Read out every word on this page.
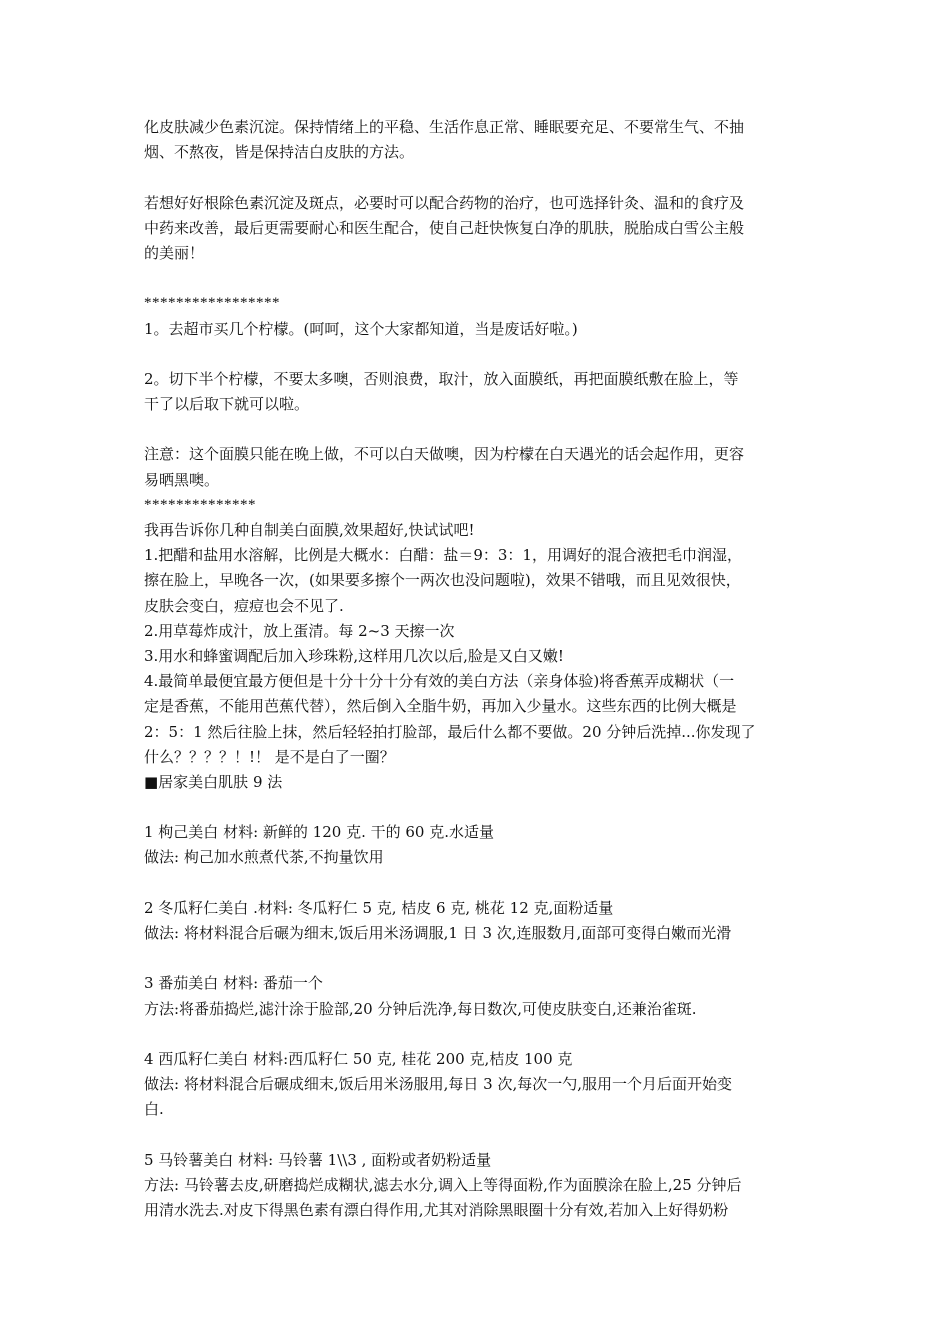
化皮肤减少色素沉淀。保持情绪上的平稳、生活作息正常、睡眠要充足、不要常生气、不抽
烟、不熬夜，皆是保持洁白皮肤的方法。
若想好好根除色素沉淀及斑点，必要时可以配合药物的治疗，也可选择针灸、温和的食疗及
中药来改善，最后更需要耐心和医生配合，使自己赶快恢复白净的肌肤，脱胎成白雪公主般
的美丽！
*****************
1。去超市买几个柠檬。(呵呵，这个大家都知道，当是废话好啦。)
2。切下半个柠檬，不要太多噢，否则浪费，取汁，放入面膜纸，再把面膜纸敷在脸上，等
干了以后取下就可以啦。
注意：这个面膜只能在晚上做，不可以白天做噢，因为柠檬在白天遇光的话会起作用，更容
易晒黑噢。
**************
我再告诉你几种自制美白面膜,效果超好,快试试吧!
1.把醋和盐用水溶解，比例是大概水：白醋：盐＝9：3：1，用调好的混合液把毛巾润湿，
擦在脸上，早晚各一次，(如果要多擦个一两次也没问题啦)，效果不错哦，而且见效很快，
皮肤会变白，痘痘也会不见了.
2.用草莓炸成汁，放上蛋清。每 2~3 天擦一次
3.用水和蜂蜜调配后加入珍珠粉,这样用几次以后,脸是又白又嫩!
4.最简单最便宜最方便但是十分十分十分有效的美白方法（亲身体验)将香蕉弄成糊状（一
定是香蕉，不能用芭蕉代替），然后倒入全脂牛奶，再加入少量水。这些东西的比例大概是
2：5：1 然后往脸上抹，然后轻轻拍打脸部，最后什么都不要做。20 分钟后洗掉...你发现了
什么？？？？！!！ 是不是白了一圈？
■居家美白肌肤 9 法
1 枸己美白 材料: 新鲜的 120 克. 干的 60 克.水适量
做法: 枸己加水煎煮代茶,不拘量饮用
2 冬瓜籽仁美白 .材料: 冬瓜籽仁 5 克, 桔皮 6 克, 桃花 12 克,面粉适量
做法: 将材料混合后碾为细末,饭后用米汤调服,1 日 3 次,连服数月,面部可变得白嫩而光滑
3 番茄美白 材料: 番茄一个
方法:将番茄捣烂,滤汁涂于脸部,20 分钟后洗净,每日数次,可使皮肤变白,还兼治雀斑.
4 西瓜籽仁美白 材料:西瓜籽仁 50 克, 桂花 200 克,桔皮 100 克
做法: 将材料混合后碾成细末,饭后用米汤服用,每日 3 次,每次一勺,服用一个月后面开始变
白.
5 马铃薯美白 材料: 马铃薯 1\\3 , 面粉或者奶粉适量
方法: 马铃薯去皮,研磨捣烂成糊状,滤去水分,调入上等得面粉,作为面膜涂在脸上,25 分钟后
用清水洗去.对皮下得黑色素有漂白得作用,尤其对消除黑眼圈十分有效,若加入上好得奶粉
